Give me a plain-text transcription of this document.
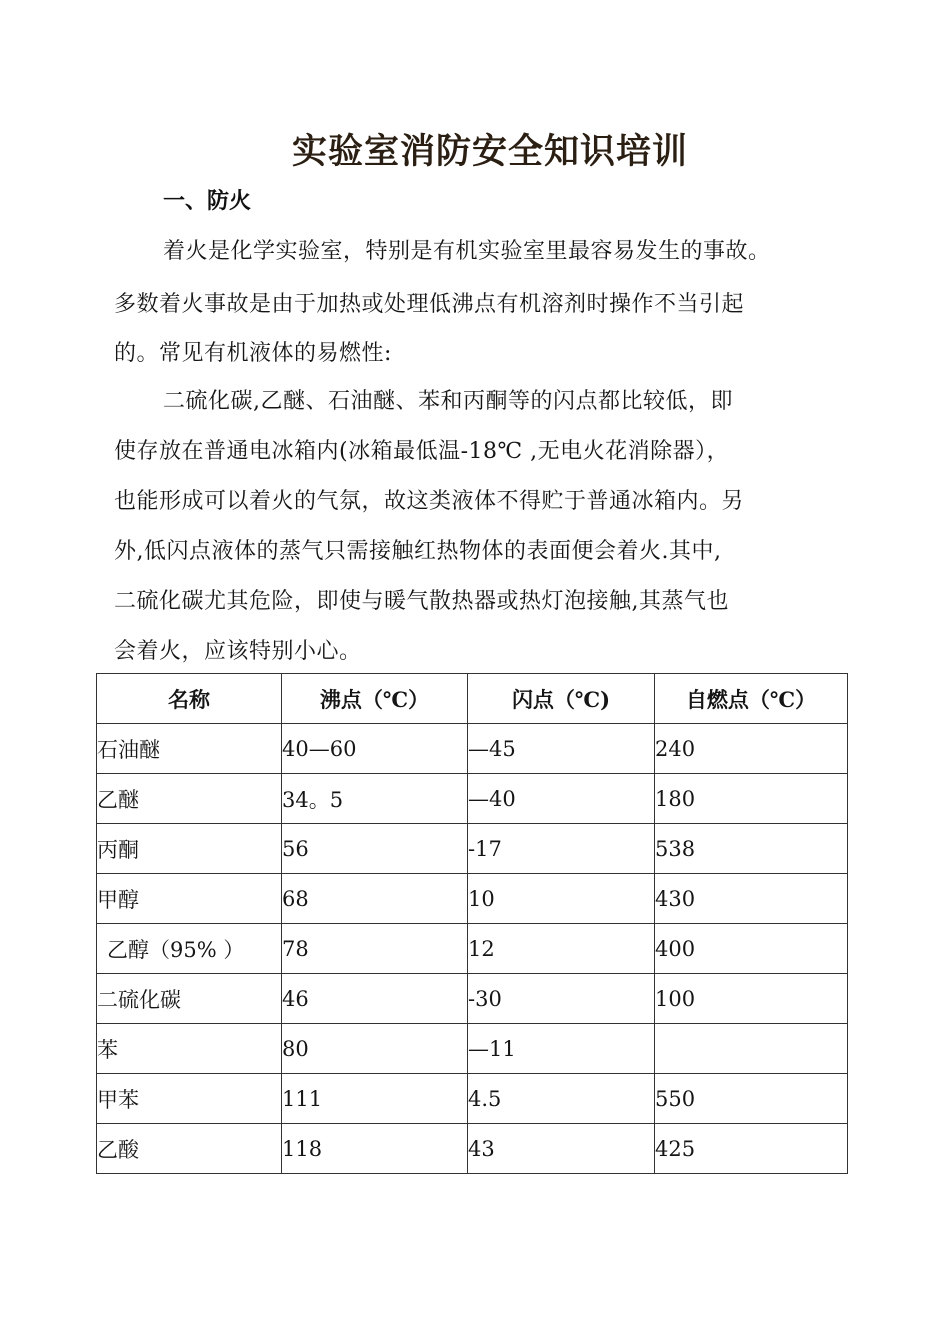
实验室消防安全知识培训
一、防火
着火是化学实验室，特别是有机实验室里最容易发生的事故。
多数着火事故是由于加热或处理低沸点有机溶剂时操作不当引起
的。常见有机液体的易燃性:
二硫化碳,乙醚、石油醚、苯和丙酮等的闪点都比较低，即
使存放在普通电冰箱内(冰箱最低温-18℃ ,无电火花消除器），
也能形成可以着火的气氛，故这类液体不得贮于普通冰箱内。另
外,低闪点液体的蒸气只需接触红热物体的表面便会着火.其中,
二硫化碳尤其危险，即使与暖气散热器或热灯泡接触,其蒸气也
会着火，应该特别小心。
名称	沸点（℃）	闪点（℃)	自燃点（℃）
石油醚	40—60	—45	240
乙醚	34。5	—40	180
丙酮	56	-17	538
甲醇	68	10	430
乙醇（95% ）	78	12	400
二硫化碳	46	-30	100
苯	80	—11	
甲苯	111	4.5	550
乙酸	118	43	425
